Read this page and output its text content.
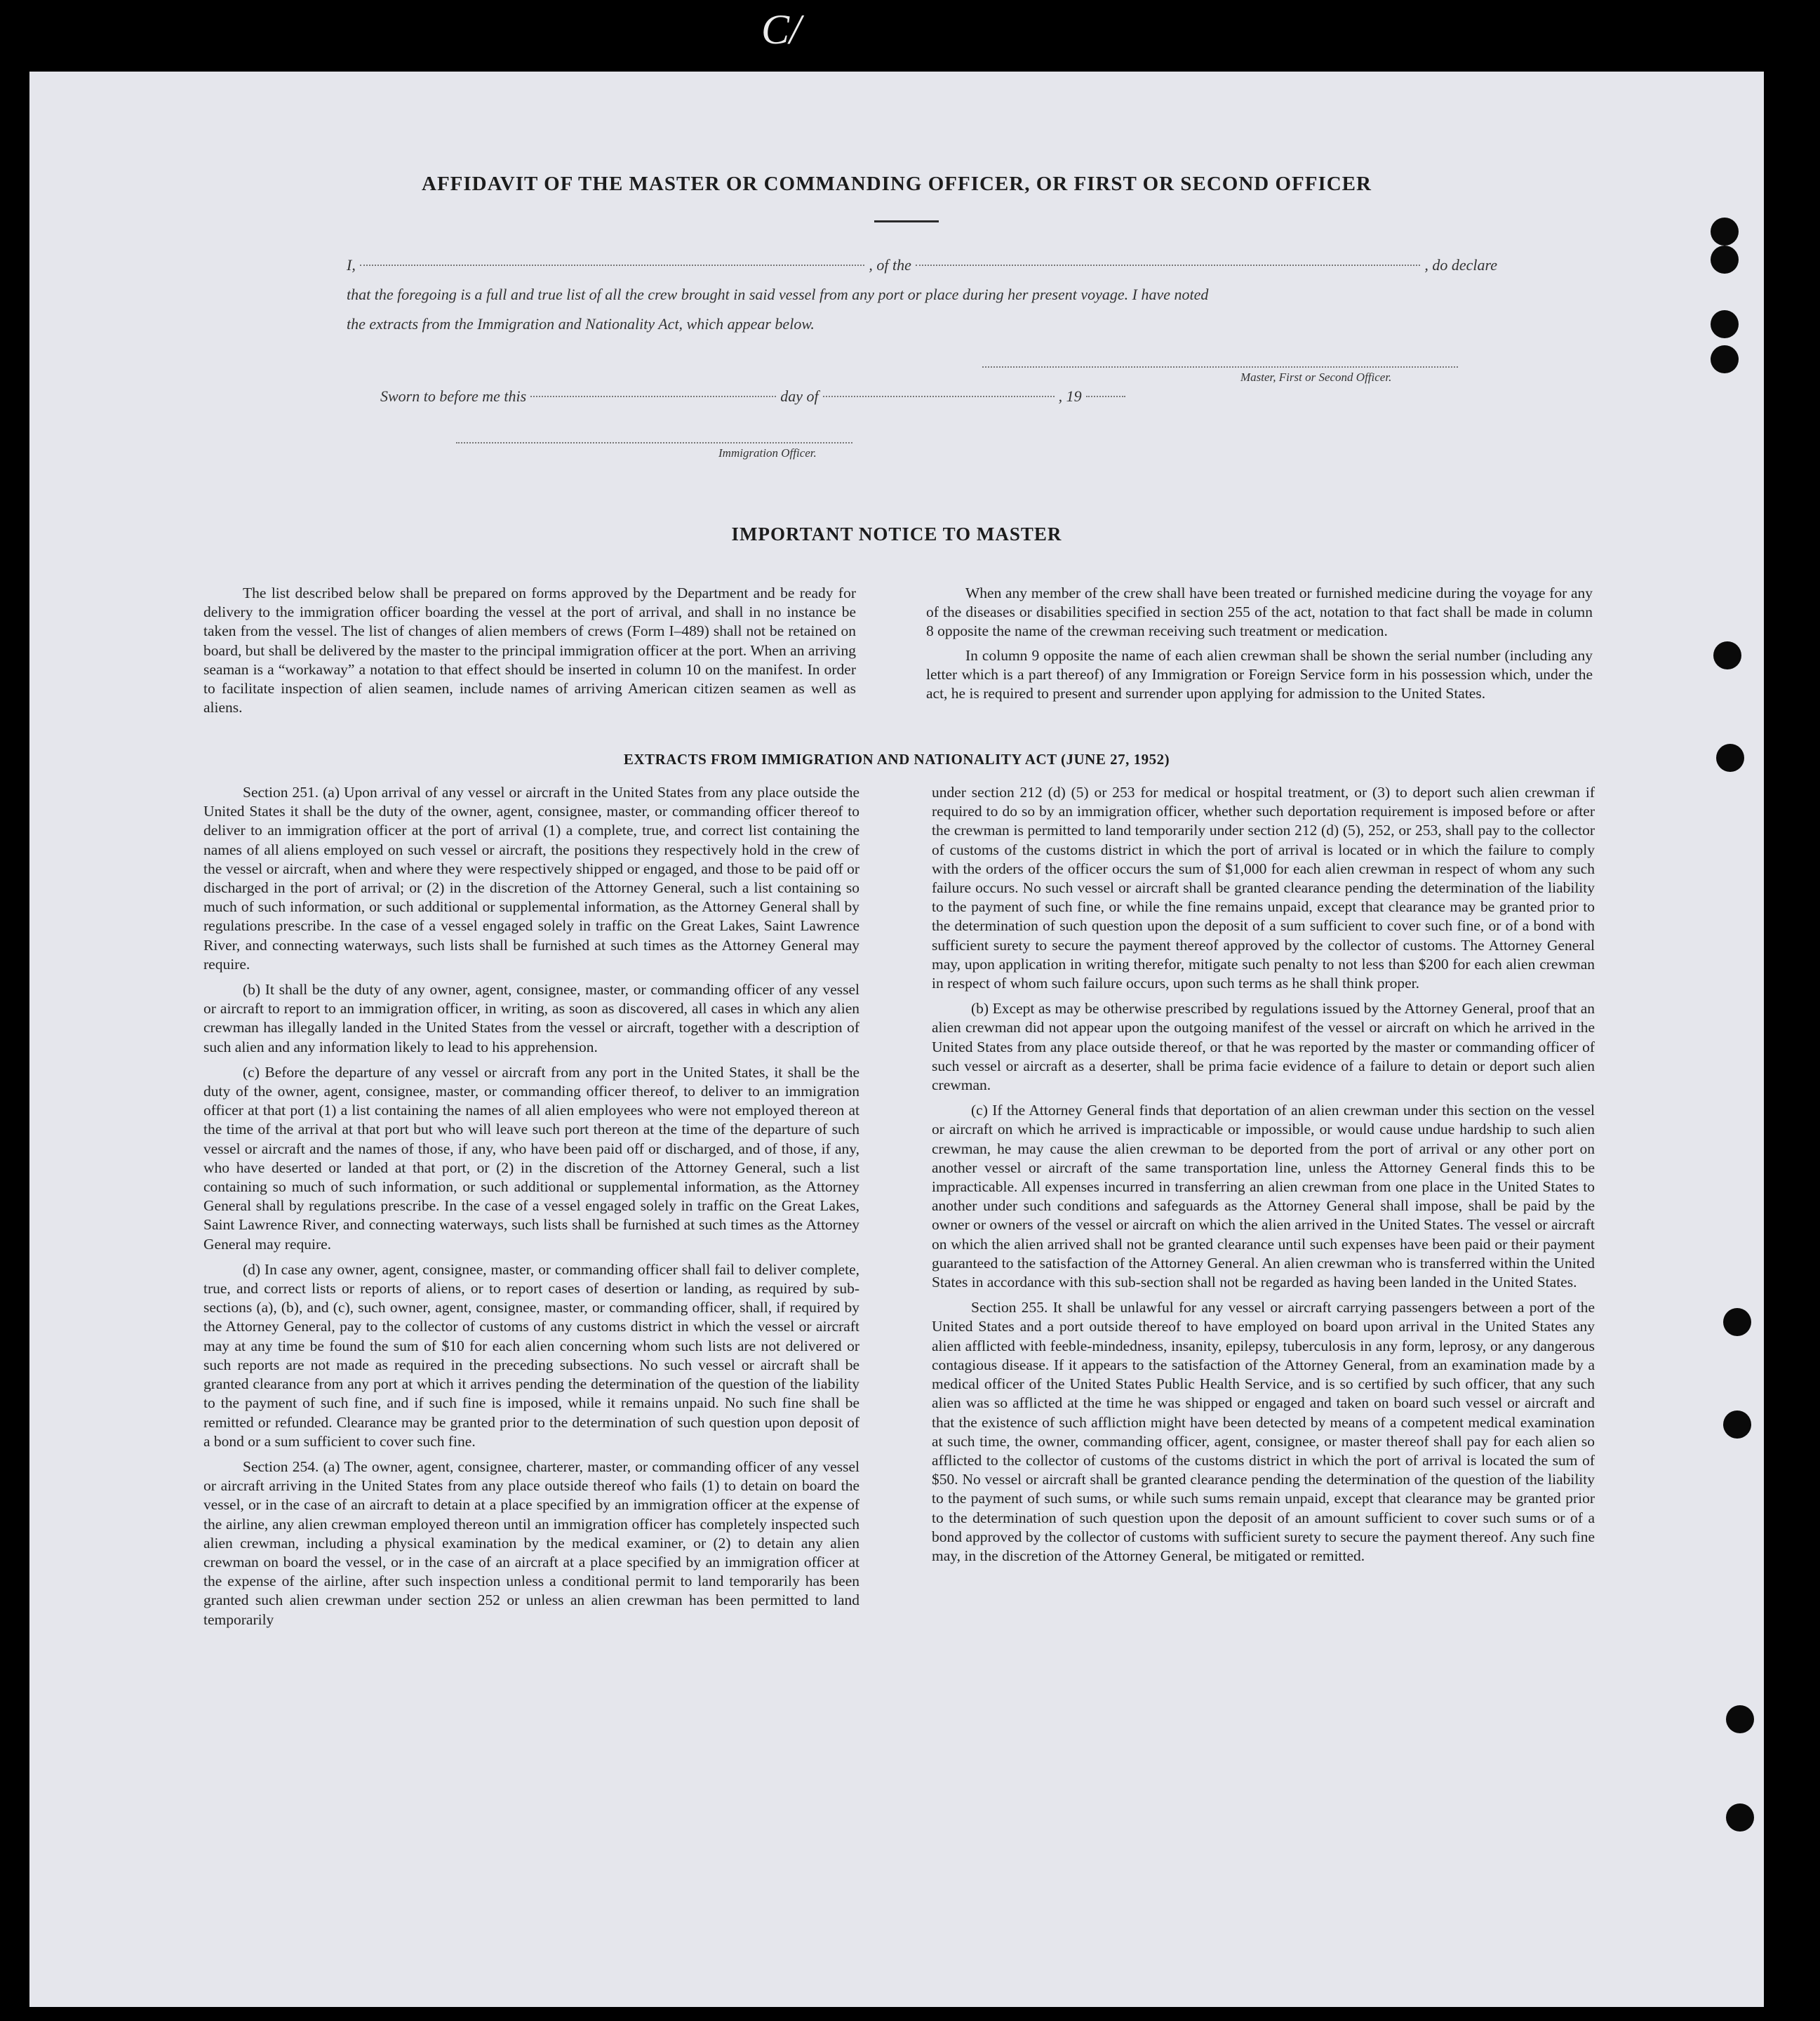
C/
AFFIDAVIT OF THE MASTER OR COMMANDING OFFICER, OR FIRST OR SECOND OFFICER
I,	, of the	, do declare
that the foregoing is a full and true list of all the crew brought in said vessel from any port or place during her present voyage. I have noted
the extracts from the Immigration and Nationality Act, which appear below.
Master, First or Second Officer.
Sworn to before me this	day of	, 19
Immigration Officer.
IMPORTANT NOTICE TO MASTER

The list described below shall be prepared on forms approved by the Department and be ready for delivery to the immigration officer boarding the vessel at the port of arrival, and shall in no instance be taken from the vessel. The list of changes of alien members of crews (Form I–489) shall not be retained on board, but shall be delivered by the master to the principal immigration officer at the port. When an arriving seaman is a “workaway” a notation to that effect should be inserted in column 10 on the manifest. In order to facilitate inspection of alien seamen, include names of arriving American citizen seamen as well as aliens.

When any member of the crew shall have been treated or furnished medicine during the voyage for any of the diseases or disabilities specified in section 255 of the act, notation to that fact shall be made in column 8 opposite the name of the crewman receiving such treatment or medication.

In column 9 opposite the name of each alien crewman shall be shown the serial number (including any letter which is a part thereof) of any Immigration or Foreign Service form in his possession which, under the act, he is required to present and surrender upon applying for admission to the United States.

EXTRACTS FROM IMMIGRATION AND NATIONALITY ACT (JUNE 27, 1952)

Section 251. (a) Upon arrival of any vessel or aircraft in the United States from any place outside the United States it shall be the duty of the owner, agent, consignee, master, or commanding officer thereof to deliver to an immigration officer at the port of arrival (1) a complete, true, and correct list containing the names of all aliens employed on such vessel or aircraft, the positions they respectively hold in the crew of the vessel or aircraft, when and where they were respectively shipped or engaged, and those to be paid off or discharged in the port of arrival; or (2) in the discretion of the Attorney General, such a list containing so much of such information, or such additional or supplemental information, as the Attorney General shall by regulations prescribe. In the case of a vessel engaged solely in traffic on the Great Lakes, Saint Lawrence River, and connecting waterways, such lists shall be furnished at such times as the Attorney General may require.

(b) It shall be the duty of any owner, agent, consignee, master, or commanding officer of any vessel or aircraft to report to an immigration officer, in writing, as soon as discovered, all cases in which any alien crewman has illegally landed in the United States from the vessel or aircraft, together with a description of such alien and any information likely to lead to his apprehension.

(c) Before the departure of any vessel or aircraft from any port in the United States, it shall be the duty of the owner, agent, consignee, master, or commanding officer thereof, to deliver to an immigration officer at that port (1) a list containing the names of all alien employees who were not employed thereon at the time of the arrival at that port but who will leave such port thereon at the time of the departure of such vessel or aircraft and the names of those, if any, who have been paid off or discharged, and of those, if any, who have deserted or landed at that port, or (2) in the discretion of the Attorney General, such a list containing so much of such information, or such additional or supplemental information, as the Attorney General shall by regulations prescribe. In the case of a vessel engaged solely in traffic on the Great Lakes, Saint Lawrence River, and connecting waterways, such lists shall be furnished at such times as the Attorney General may require.

(d) In case any owner, agent, consignee, master, or commanding officer shall fail to deliver complete, true, and correct lists or reports of aliens, or to report cases of desertion or landing, as required by sub-sections (a), (b), and (c), such owner, agent, consignee, master, or commanding officer, shall, if required by the Attorney General, pay to the collector of customs of any customs district in which the vessel or aircraft may at any time be found the sum of $10 for each alien concerning whom such lists are not delivered or such reports are not made as required in the preceding subsections. No such vessel or aircraft shall be granted clearance from any port at which it arrives pending the determination of the question of the liability to the payment of such fine, and if such fine is imposed, while it remains unpaid. No such fine shall be remitted or refunded. Clearance may be granted prior to the determination of such question upon deposit of a bond or a sum sufficient to cover such fine.

Section 254. (a) The owner, agent, consignee, charterer, master, or commanding officer of any vessel or aircraft arriving in the United States from any place outside thereof who fails (1) to detain on board the vessel, or in the case of an aircraft to detain at a place specified by an immigration officer at the expense of the airline, any alien crewman employed thereon until an immigration officer has completely inspected such alien crewman, including a physical examination by the medical examiner, or (2) to detain any alien crewman on board the vessel, or in the case of an aircraft at a place specified by an immigration officer at the expense of the airline, after such inspection unless a conditional permit to land temporarily has been granted such alien crewman under section 252 or unless an alien crewman has been permitted to land temporarily

under section 212 (d) (5) or 253 for medical or hospital treatment, or (3) to deport such alien crewman if required to do so by an immigration officer, whether such deportation requirement is imposed before or after the crewman is permitted to land temporarily under section 212 (d) (5), 252, or 253, shall pay to the collector of customs of the customs district in which the port of arrival is located or in which the failure to comply with the orders of the officer occurs the sum of $1,000 for each alien crewman in respect of whom any such failure occurs. No such vessel or aircraft shall be granted clearance pending the determination of the liability to the payment of such fine, or while the fine remains unpaid, except that clearance may be granted prior to the determination of such question upon the deposit of a sum sufficient to cover such fine, or of a bond with sufficient surety to secure the payment thereof approved by the collector of customs. The Attorney General may, upon application in writing therefor, mitigate such penalty to not less than $200 for each alien crewman in respect of whom such failure occurs, upon such terms as he shall think proper.

(b) Except as may be otherwise prescribed by regulations issued by the Attorney General, proof that an alien crewman did not appear upon the outgoing manifest of the vessel or aircraft on which he arrived in the United States from any place outside thereof, or that he was reported by the master or commanding officer of such vessel or aircraft as a deserter, shall be prima facie evidence of a failure to detain or deport such alien crewman.

(c) If the Attorney General finds that deportation of an alien crewman under this section on the vessel or aircraft on which he arrived is impracticable or impossible, or would cause undue hardship to such alien crewman, he may cause the alien crewman to be deported from the port of arrival or any other port on another vessel or aircraft of the same transportation line, unless the Attorney General finds this to be impracticable. All expenses incurred in transferring an alien crewman from one place in the United States to another under such conditions and safeguards as the Attorney General shall impose, shall be paid by the owner or owners of the vessel or aircraft on which the alien arrived in the United States. The vessel or aircraft on which the alien arrived shall not be granted clearance until such expenses have been paid or their payment guaranteed to the satisfaction of the Attorney General. An alien crewman who is transferred within the United States in accordance with this sub-section shall not be regarded as having been landed in the United States.

Section 255. It shall be unlawful for any vessel or aircraft carrying passengers between a port of the United States and a port outside thereof to have employed on board upon arrival in the United States any alien afflicted with feeble-mindedness, insanity, epilepsy, tuberculosis in any form, leprosy, or any dangerous contagious disease. If it appears to the satisfaction of the Attorney General, from an examination made by a medical officer of the United States Public Health Service, and is so certified by such officer, that any such alien was so afflicted at the time he was shipped or engaged and taken on board such vessel or aircraft and that the existence of such affliction might have been detected by means of a competent medical examination at such time, the owner, commanding officer, agent, consignee, or master thereof shall pay for each alien so afflicted to the collector of customs of the customs district in which the port of arrival is located the sum of $50. No vessel or aircraft shall be granted clearance pending the determination of the question of the liability to the payment of such sums, or while such sums remain unpaid, except that clearance may be granted prior to the determination of such question upon the deposit of an amount sufficient to cover such sums or of a bond approved by the collector of customs with sufficient surety to secure the payment thereof. Any such fine may, in the discretion of the Attorney General, be mitigated or remitted.
